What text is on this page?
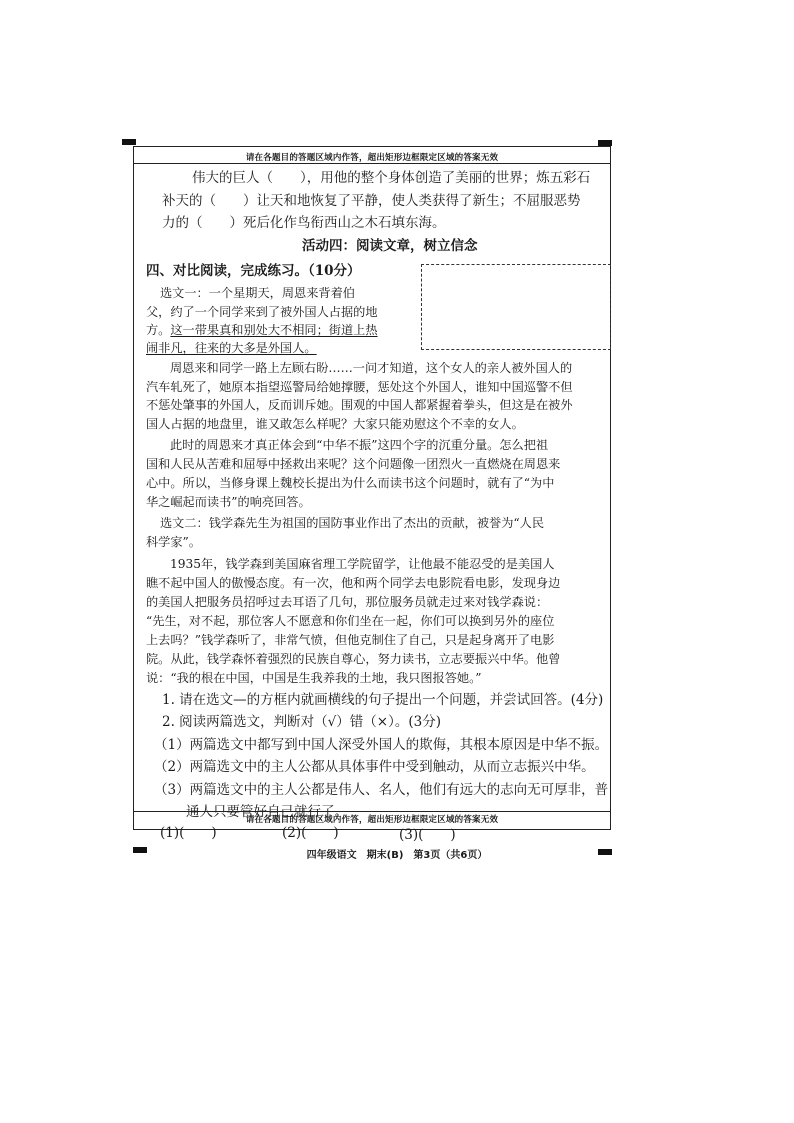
请在各题目的答题区域内作答，超出矩形边框限定区域的答案无效
伟大的巨人（　　），用他的整个身体创造了美丽的世界；炼五彩石
补天的（　　）让天和地恢复了平静，使人类获得了新生；不屈服恶势
力的（　　）死后化作鸟衔西山之木石填东海。
活动四：阅读文章，树立信念
四、对比阅读，完成练习。（10分）
选文一：一个星期天，周恩来背着伯
父，约了一个同学来到了被外国人占据的地
方。这一带果真和别处大不相同；街道上热
闹非凡，往来的大多是外国人。
周恩来和同学一路上左顾右盼……一问才知道，这个女人的亲人被外国人的
汽车轧死了，她原本指望巡警局给她撑腰，惩处这个外国人，谁知中国巡警不但
不惩处肇事的外国人，反而训斥她。围观的中国人都紧握着拳头，但这是在被外
国人占据的地盘里，谁又敢怎么样呢？大家只能劝慰这个不幸的女人。
此时的周恩来才真正体会到“中华不振”这四个字的沉重分量。怎么把祖
国和人民从苦难和屈辱中拯救出来呢？这个问题像一团烈火一直燃烧在周恩来
心中。所以，当修身课上魏校长提出为什么而读书这个问题时，就有了“为中
华之崛起而读书”的响亮回答。
选文二：钱学森先生为祖国的国防事业作出了杰出的贡献，被誉为“人民
科学家”。
1935年，钱学森到美国麻省理工学院留学，让他最不能忍受的是美国人
瞧不起中国人的傲慢态度。有一次，他和两个同学去电影院看电影，发现身边
的美国人把服务员招呼过去耳语了几句，那位服务员就走过来对钱学森说：
“先生，对不起，那位客人不愿意和你们坐在一起，你们可以换到另外的座位
上去吗？”钱学森听了，非常气愤，但他克制住了自己，只是起身离开了电影
院。从此，钱学森怀着强烈的民族自尊心，努力读书，立志要振兴中华。他曾
说：“我的根在中国，中国是生我养我的土地，我只图报答她。”
1. 请在选文—的方框内就画横线的句子提出一个问题，并尝试回答。(4分)
2. 阅读两篇选文，判断对（√）错（×）。(3分)
（1）两篇选文中都写到中国人深受外国人的欺侮，其根本原因是中华不振。
（2）两篇选文中的主人公都从具体事件中受到触动，从而立志振兴中华。
（3）两篇选文中的主人公都是伟人、名人，他们有远大的志向无可厚非，普
通人只要管好自己就行了。
(1)(　　)	(2)(　　)	(3)(　　)
请在各题目的答题区域内作答，超出矩形边框限定区域的答案无效
四年级语文　期末(B)　第3页（共6页）
